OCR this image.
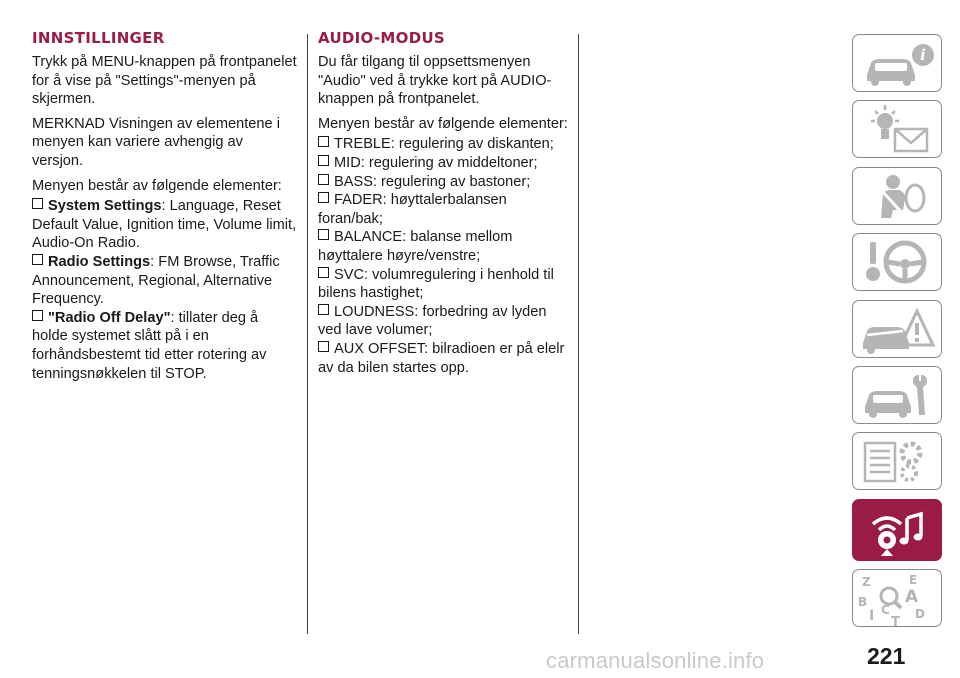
INNSTILLINGER

Trykk på MENU-knappen på frontpanelet for å vise på "Settings"-menyen på skjermen.

MERKNAD Visningen av elementene i menyen kan variere avhengig av versjon.

Menyen består av følgende elementer:

System Settings: Language, Reset Default Value, Ignition time, Volume limit, Audio-On Radio.
Radio Settings: FM Browse, Traffic Announcement, Regional, Alternative Frequency.
"Radio Off Delay": tillater deg å holde systemet slått på i en forhåndsbestemt tid etter rotering av tenningsnøkkelen til STOP.
AUDIO-MODUS

Du får tilgang til oppsettsmenyen "Audio" ved å trykke kort på AUDIO-knappen på frontpanelet.

Menyen består av følgende elementer:

TREBLE: regulering av diskanten;
MID: regulering av middeltoner;
BASS: regulering av bastoner;
FADER: høyttalerbalansen foran/bak;
BALANCE: balanse mellom høyttalere høyre/venstre;
SVC: volumregulering i henhold til bilens hastighet;
LOUDNESS: forbedring av lyden ved lave volumer;
AUX OFFSET: bilradioen er på elelr av da bilen startes opp.
i
Z	E
B A
I C
T
D
carmanualsonline.info	221
